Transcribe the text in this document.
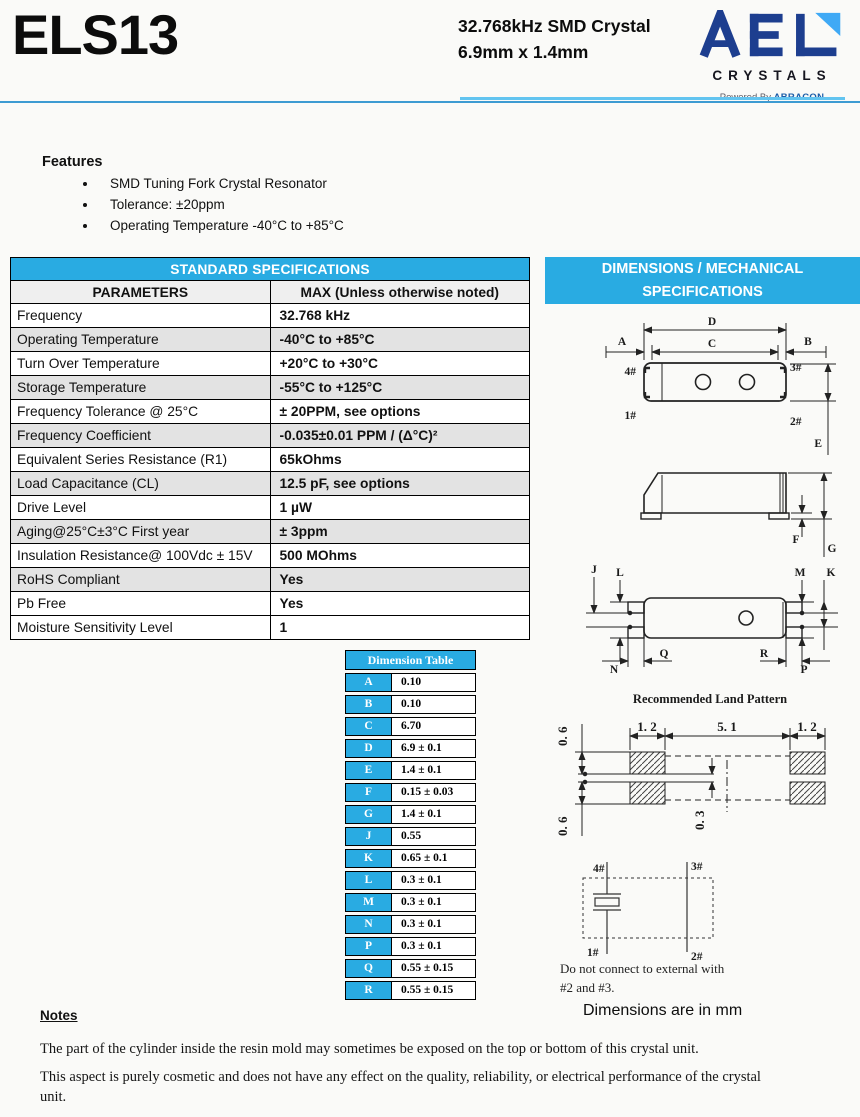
ELS13	32.768kHz SMD Crystal
6.9mm x 1.4mm
CRYSTALS
Features
• SMD Tuning Fork Crystal Resonator
• Tolerance: ±20ppm
• Operating Temperature -40°C to +85°C
STANDARD SPECIFICATIONS	
PARAMETERS	MAX (Unless otherwise noted)
Frequency	32.768 kHz
Operating Temperature	-40°C to +85°C
Turn Over Temperature	+20°C to +30°C
Storage Temperature	-55°C to +125°C
Frequency Tolerance @ 25°C	± 20PPM, see options
Frequency Coefficient	-0.035±0.01 PPM / (Δ°C)²
Equivalent Series Resistance (R1)	65kOhms
Load Capacitance (CL)	12.5 pF, see options
Drive Level	1 µW
Aging@25°C±3°C First year	± 3ppm
Insulation Resistance@ 100Vdc ± 15V	500 MOhms
RoHS Compliant	Yes
Pb Free	Yes
Moisture Sensitivity Level	1
DIMENSIONS / MECHANICAL
SPECIFICATIONS
D
C
A	B
E
F
G
4#
1#
3#
2#
J L
N
M K
P
Q	R
Recommended Land Pattern
1. 2	5. 1	1. 2
0. 6
0. 6	0. 3
4#	3#
1#	2#
Do not connect to external with
#2 and #3.
Dimensions are in mm
Dimension Table
A	0.10
B	0.10
C	6.70
D	6.9 ± 0.1
E	1.4 ± 0.1
F	0.15 ± 0.03
G	1.4 ± 0.1
J	0.55
K	0.65 ± 0.1
L	0.3 ± 0.1
M	0.3 ± 0.1
N	0.3 ± 0.1
P	0.3 ± 0.1
Q	0.55 ± 0.15
R	0.55 ± 0.15
Notes
The part of the cylinder inside the resin mold may sometimes be exposed on the top or bottom of this crystal unit.
This aspect is purely cosmetic and does not have any effect on the quality, reliability, or electrical performance of the crystal unit.
